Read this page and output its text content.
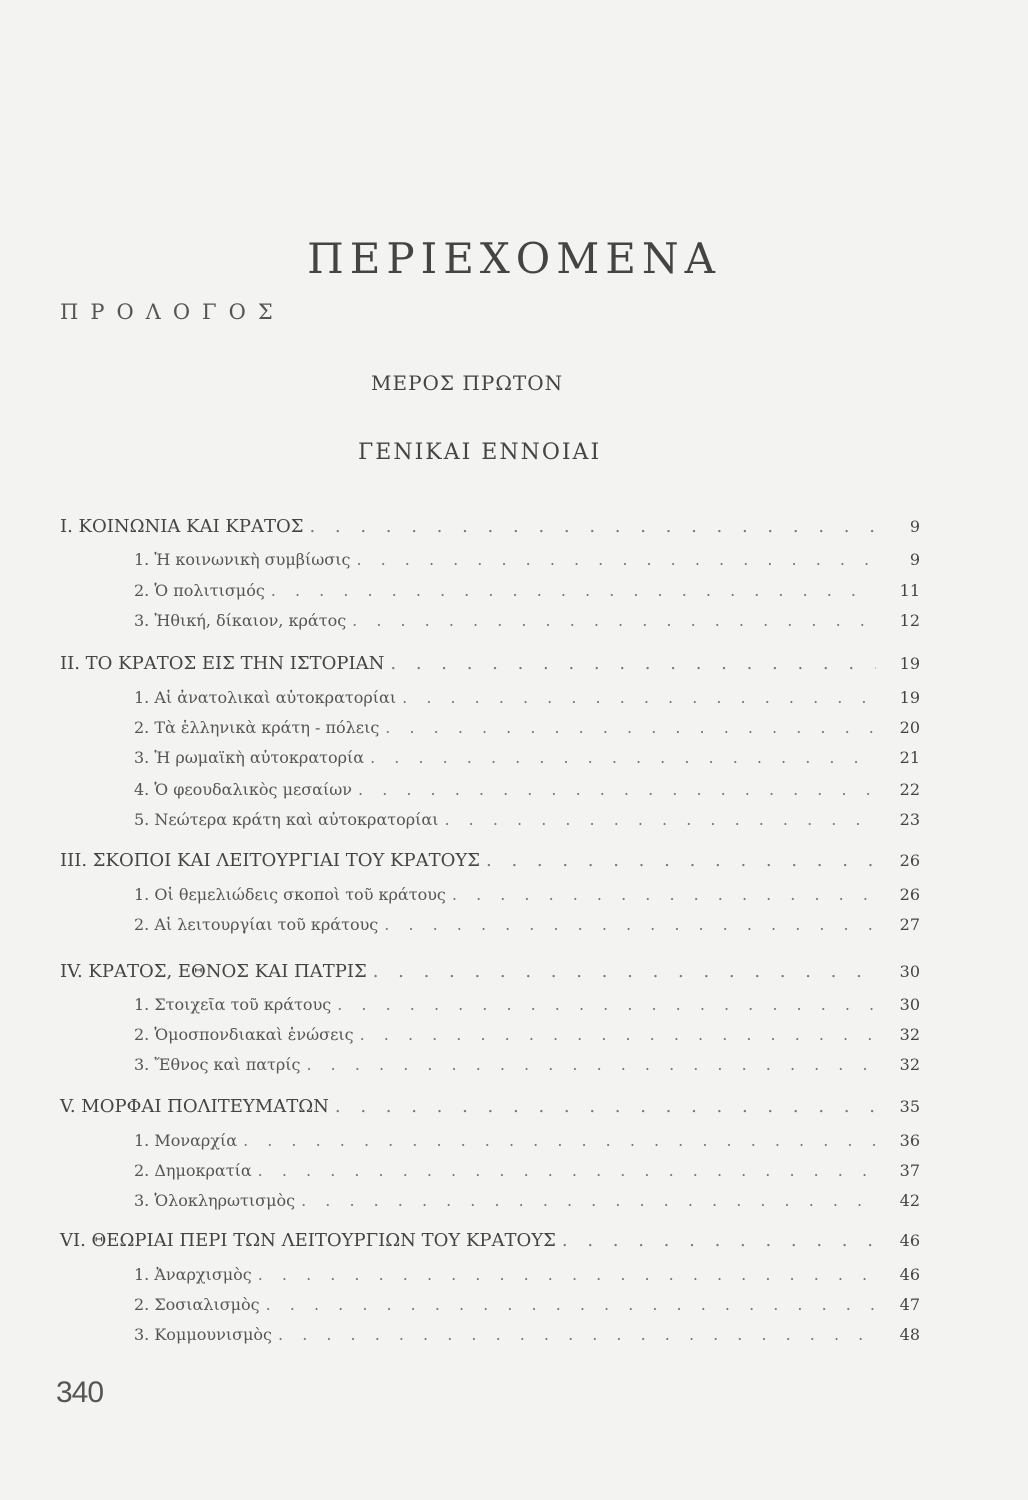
ΠΕΡΙΕΧΟΜΕΝΑ
ΠΡΟΛΟΓΟΣ
ΜΕΡΟΣ ΠΡΩΤΟΝ
ΓΕΝΙΚΑΙ ΕΝΝΟΙΑΙ
Ι. ΚΟΙΝΩΝΙΑ ΚΑΙ ΚΡΑΤΟΣ . . .	9
1. Ἡ κοινωνικὴ συμβίωσις . . .	9
2. Ὁ πολιτισμός . . .	11
3. Ἠθική, δίκαιον, κράτος . . .	12
ΙΙ. ΤΟ ΚΡΑΤΟΣ ΕΙΣ ΤΗΝ ΙΣΤΟΡΙΑΝ . . .	19
1. Αἱ ἀνατολικαὶ αὐτοκρατορίαι . . .	19
2. Τὰ ἑλληνικὰ κράτη - πόλεις . . .	20
3. Ἡ ρωμαϊκὴ αὐτοκρατορία . . .	21
4. Ὁ φεουδαλικὸς μεσαίων . . .	22
5. Νεώτερα κράτη καὶ αὐτοκρατορίαι . . .	23
ΙΙΙ. ΣΚΟΠΟΙ ΚΑΙ ΛΕΙΤΟΥΡΓΙΑΙ ΤΟΥ ΚΡΑΤΟΥΣ . . .	26
1. Οἱ θεμελιώδεις σκοποὶ τοῦ κράτους . . .	26
2. Αἱ λειτουργίαι τοῦ κράτους . . .	27
IV. ΚΡΑΤΟΣ, ΕΘΝΟΣ ΚΑΙ ΠΑΤΡΙΣ . . .	30
1. Στοιχεῖα τοῦ κράτους . . .	30
2. Ὁμοσπονδιακαὶ ἑνώσεις . . .	32
3. Ἔθνος καὶ πατρίς . . .	32
V. ΜΟΡΦΑΙ ΠΟΛΙΤΕΥΜΑΤΩΝ . . .	35
1. Μοναρχία . . .	36
2. Δημοκρατία . . .	37
3. Ὁλοκληρωτισμὸς . . .	42
VI. ΘΕΩΡΙΑΙ ΠΕΡΙ ΤΩΝ ΛΕΙΤΟΥΡΓΙΩΝ ΤΟΥ ΚΡΑΤΟΥΣ . . .	46
1. Ἀναρχισμὸς . . .	46
2. Σοσιαλισμὸς . . .	47
3. Κομμουνισμὸς . . .	48
340
